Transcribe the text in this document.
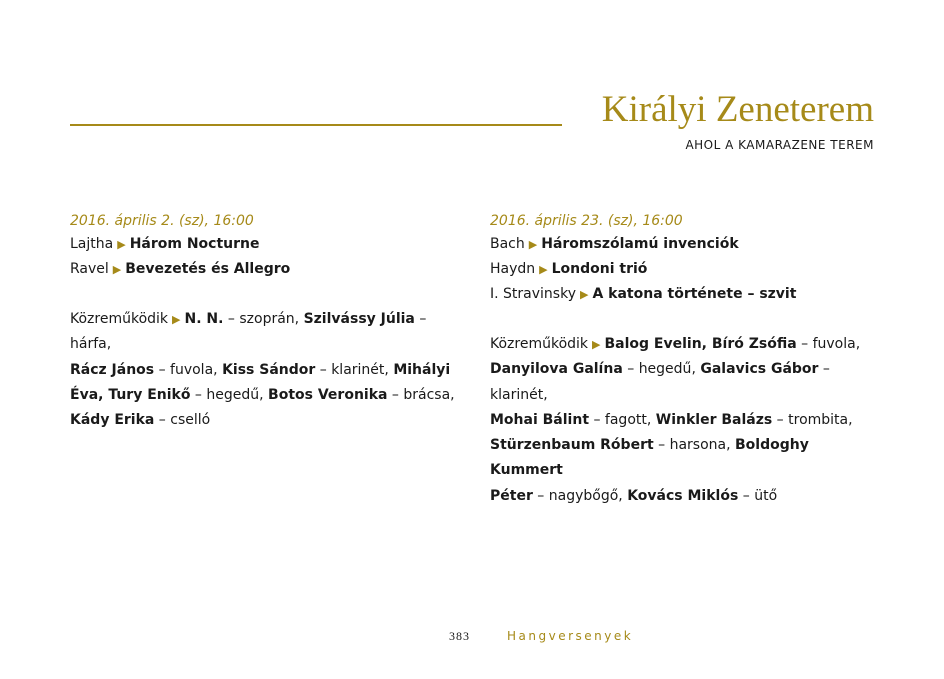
Királyi Zeneterem
AHOL A KAMARAZENE TEREM
2016. április 2. (sz), 16:00
Lajtha ▶ Három Nocturne
Ravel ▶ Bevezetés és Allegro
Közreműködik ▶ N. N. – szoprán, Szilvássy Júlia – hárfa,
Rácz János – fuvola, Kiss Sándor – klarinét, Mihályi
Éva, Tury Enikő – hegedű, Botos Veronika – brácsa,
Kády Erika – cselló
2016. április 23. (sz), 16:00
Bach ▶ Háromszólamú invenciók
Haydn ▶ Londoni trió
I. Stravinsky ▶ A katona története – szvit
Közreműködik ▶ Balog Evelin, Bíró Zsófia – fuvola,
Danyilova Galína – hegedű, Galavics Gábor – klarinét,
Mohai Bálint – fagott, Winkler Balázs – trombita,
Stürzenbaum Róbert – harsona, Boldoghy Kummert
Péter – nagybőgő, Kovács Miklós – ütő
383	Hangversenyek
